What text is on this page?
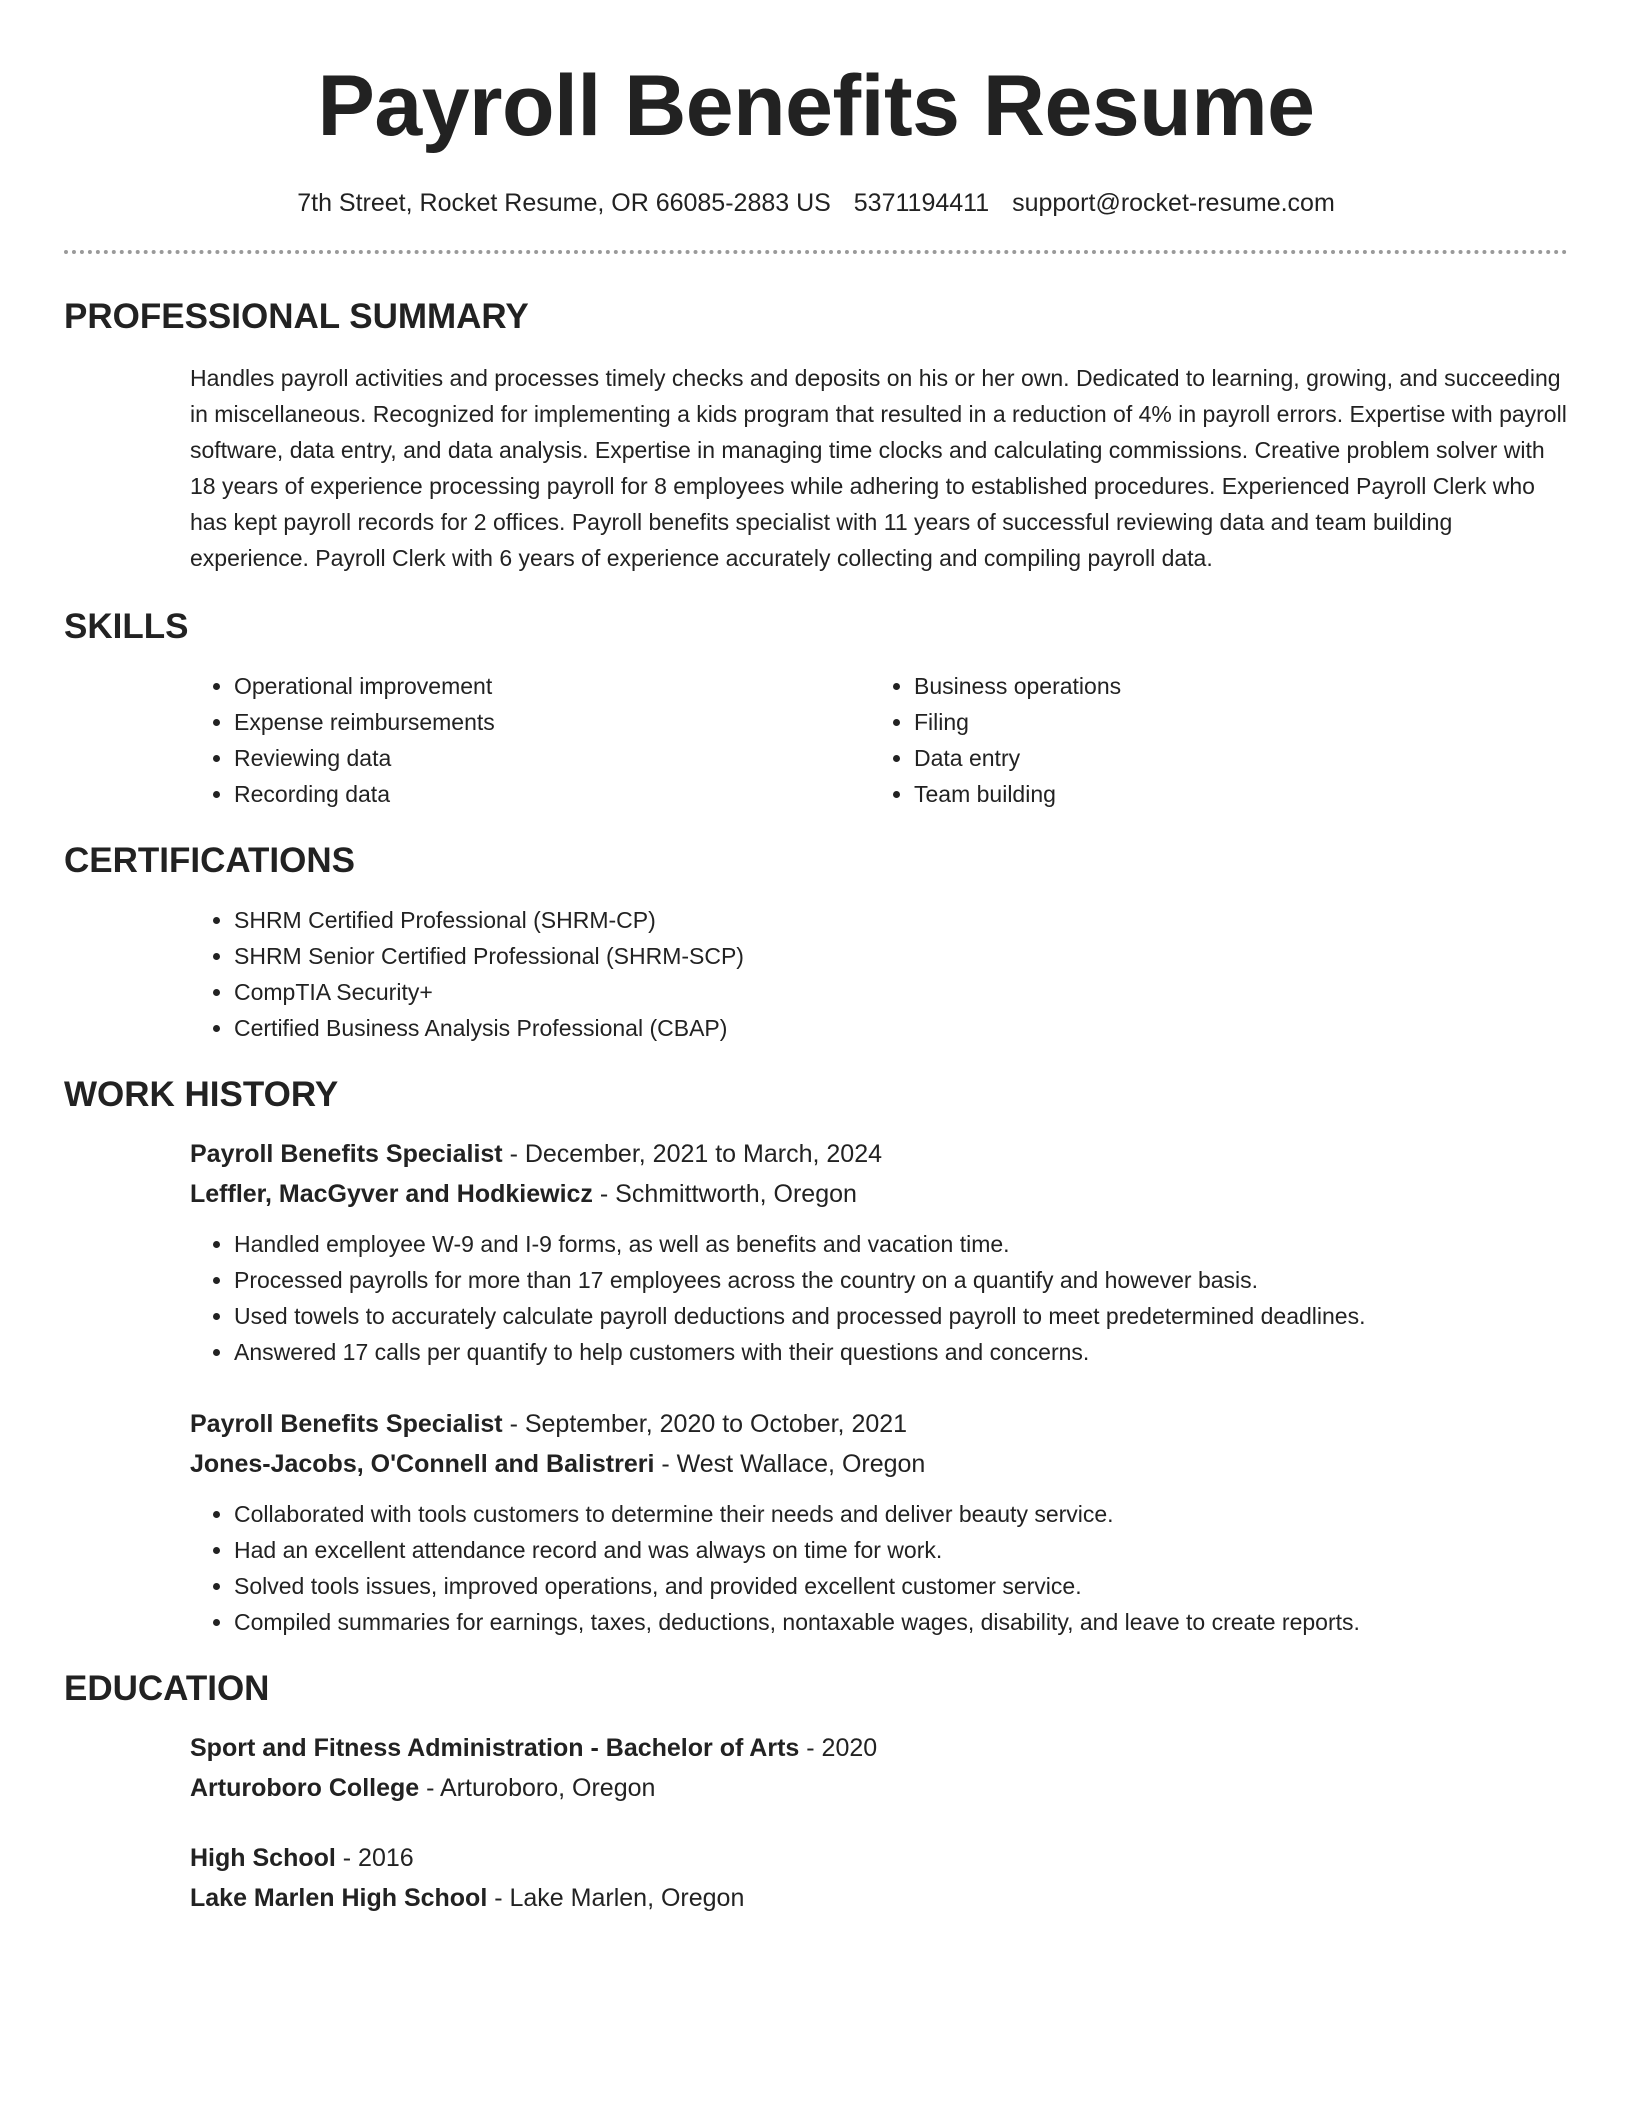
Payroll Benefits Resume
7th Street, Rocket Resume, OR 66085-2883 US 5371194411 support@rocket-resume.com
PROFESSIONAL SUMMARY

Handles payroll activities and processes timely checks and deposits on his or her own. Dedicated to learning, growing, and succeeding in miscellaneous. Recognized for implementing a kids program that resulted in a reduction of 4% in payroll errors. Expertise with payroll software, data entry, and data analysis. Expertise in managing time clocks and calculating commissions. Creative problem solver with 18 years of experience processing payroll for 8 employees while adhering to established procedures. Experienced Payroll Clerk who has kept payroll records for 2 offices. Payroll benefits specialist with 11 years of successful reviewing data and team building experience. Payroll Clerk with 6 years of experience accurately collecting and compiling payroll data.

SKILLS
• Operational improvement
• Expense reimbursements
• Reviewing data
• Recording data
• Business operations
• Filing
• Data entry
• Team building
CERTIFICATIONS
• SHRM Certified Professional (SHRM-CP)
• SHRM Senior Certified Professional (SHRM-SCP)
• CompTIA Security+
• Certified Business Analysis Professional (CBAP)
WORK HISTORY
Payroll Benefits Specialist - December, 2021 to March, 2024
Leffler, MacGyver and Hodkiewicz - Schmittworth, Oregon
• Handled employee W-9 and I-9 forms, as well as benefits and vacation time.
• Processed payrolls for more than 17 employees across the country on a quantify and however basis.
• Used towels to accurately calculate payroll deductions and processed payroll to meet predetermined deadlines.
• Answered 17 calls per quantify to help customers with their questions and concerns.
Payroll Benefits Specialist - September, 2020 to October, 2021
Jones-Jacobs, O'Connell and Balistreri - West Wallace, Oregon
• Collaborated with tools customers to determine their needs and deliver beauty service.
• Had an excellent attendance record and was always on time for work.
• Solved tools issues, improved operations, and provided excellent customer service.
• Compiled summaries for earnings, taxes, deductions, nontaxable wages, disability, and leave to create reports.
EDUCATION
Sport and Fitness Administration - Bachelor of Arts - 2020
Arturoboro College - Arturoboro, Oregon
High School - 2016
Lake Marlen High School - Lake Marlen, Oregon
